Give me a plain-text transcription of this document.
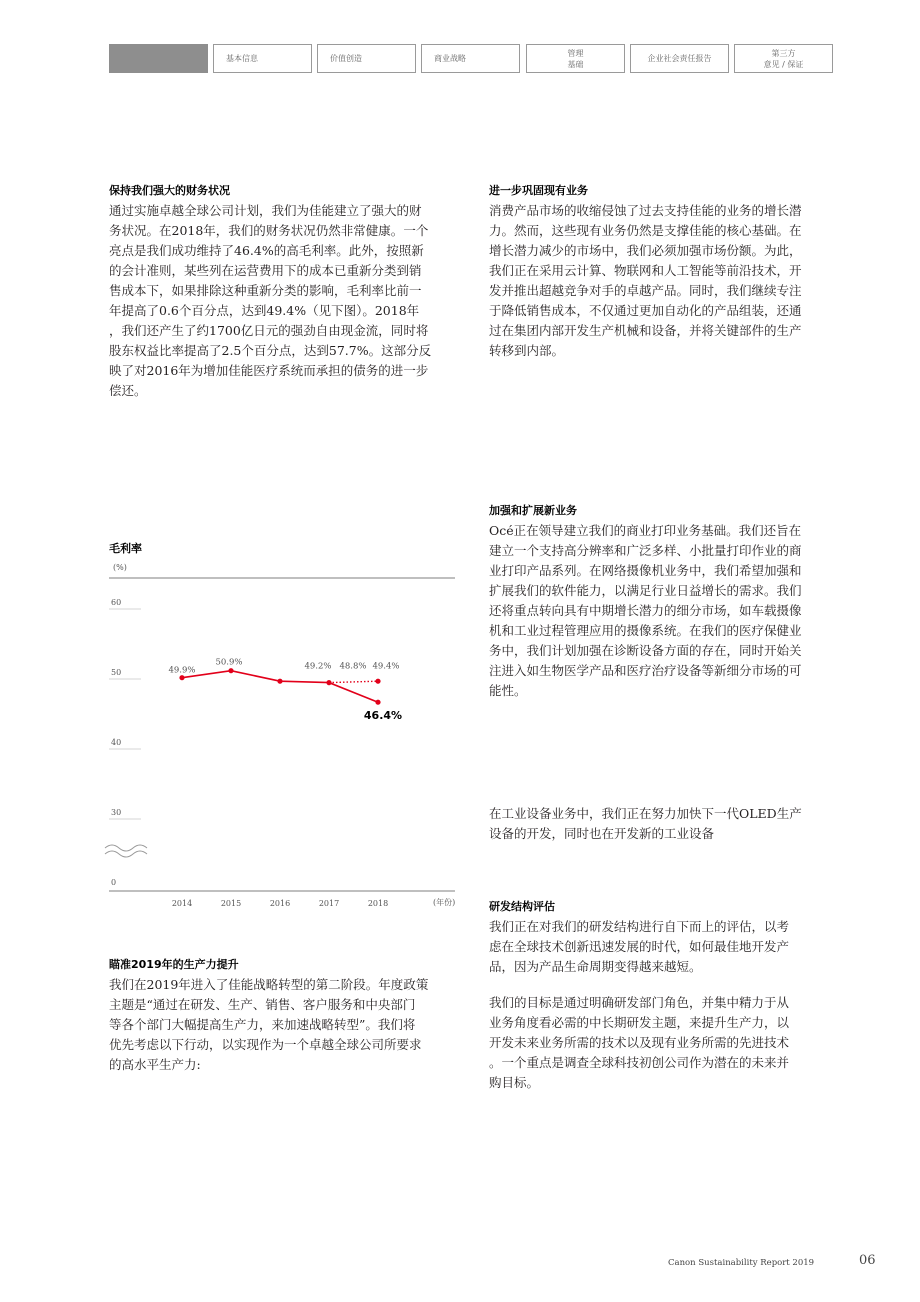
基本信息	价值创造	商业战略
管理
基础
企业社会责任报告
第三方
意见 / 保证
保持我们强大的财务状况
通过实施卓越全球公司计划，我们为佳能建立了强大的财
务状况。在2018年，我们的财务状况仍然非常健康。一个
亮点是我们成功维持了46.4%的高毛利率。此外，按照新
的会计准则，某些列在运营费用下的成本已重新分类到销
售成本下，如果排除这种重新分类的影响，毛利率比前一
年提高了0.6个百分点，达到49.4%（见下图）。2018年
，我们还产生了约1700亿日元的强劲自由现金流，同时将
股东权益比率提高了2.5个百分点，达到57.7%。这部分反
映了对2016年为增加佳能医疗系统而承担的债务的进一步
偿还。
进一步巩固现有业务
消费产品市场的收缩侵蚀了过去支持佳能的业务的增长潜
力。然而，这些现有业务仍然是支撑佳能的核心基础。在
增长潜力减少的市场中，我们必须加强市场份额。为此，
我们正在采用云计算、物联网和人工智能等前沿技术，开
发并推出超越竞争对手的卓越产品。同时，我们继续专注
于降低销售成本，不仅通过更加自动化的产品组装，还通
过在集团内部开发生产机械和设备，并将关键部件的生产
转移到内部。
加强和扩展新业务
Océ正在领导建立我们的商业打印业务基础。我们还旨在
建立一个支持高分辨率和广泛多样、小批量打印作业的商
业打印产品系列。在网络摄像机业务中，我们希望加强和
扩展我们的软件能力，以满足行业日益增长的需求。我们
还将重点转向具有中期增长潜力的细分市场，如车载摄像
机和工业过程管理应用的摄像系统。在我们的医疗保健业
务中，我们计划加强在诊断设备方面的存在，同时开始关
注进入如生物医学产品和医疗治疗设备等新细分市场的可
能性。
在工业设备业务中，我们正在努力加快下一代OLED生产
设备的开发，同时也在开发新的工业设备
毛利率
(%)
(年份)
60
50
40
30
0
2014	2015	2016	2017	2018
49.9%
50.9%	49.2% 48.8% 49.4%
46.4%
瞄准2019年的生产力提升
我们在2019年进入了佳能战略转型的第二阶段。年度政策
主题是“通过在研发、生产、销售、客户服务和中央部门
等各个部门大幅提高生产力，来加速战略转型”。我们将
优先考虑以下行动，以实现作为一个卓越全球公司所要求
的高水平生产力:
研发结构评估
我们正在对我们的研发结构进行自下而上的评估，以考
虑在全球技术创新迅速发展的时代，如何最佳地开发产
品，因为产品生命周期变得越来越短。
我们的目标是通过明确研发部门角色，并集中精力于从
业务角度看必需的中长期研发主题，来提升生产力，以
开发未来业务所需的技术以及现有业务所需的先进技术
。一个重点是调查全球科技初创公司作为潜在的未来并
购目标。
Canon Sustainability Report 2019	06
